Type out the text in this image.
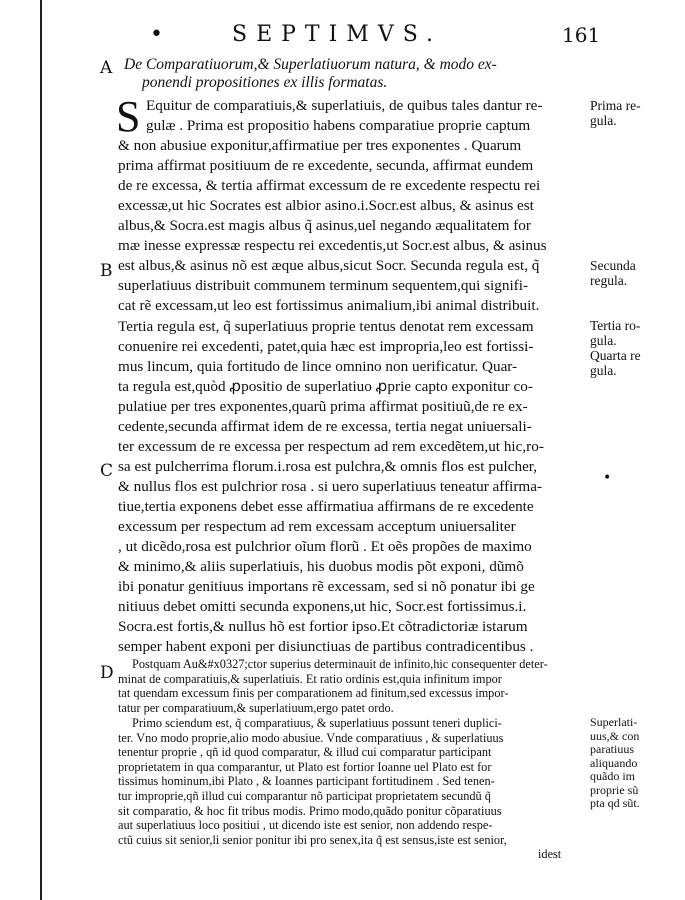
•	SEPTIMVS.	161
A
B
C
D
De Comparatiuorum,& Superlatiuorum natura, & modo ex-
ponendi propositiones ex illis formatas.
S Equitur de comparatiuis,& superlatiuis, de quibus tales dantur re-
gulæ . Prima est propositio habens comparatiue proprie captum
& non abusiue exponitur,affirmatiue per tres exponentes . Quarum
prima affirmat positiuum de re excedente, secunda, affirmat eundem
de re excessa, & tertia affirmat excessum de re excedente respectu rei
excessæ,ut hic Socrates est albior asino.i.Socr.est albus, & asinus est
albus,& Socra.est magis albus q̃ asinus,uel negando æqualitatem for
mæ inesse expressæ respectu rei excedentis,ut Socr.est albus, & asinus
est albus,& asinus nõ est æque albus,sicut Socr. Secunda regula est, q̃
superlatiuus distribuit communem terminum sequentem,qui signifi-
cat rẽ excessam,ut leo est fortissimus animalium,ibi animal distribuit.
Tertia regula est, q̃ superlatiuus proprie tentus denotat rem excessam
conuenire rei excedenti, patet,quia hæc est impropria,leo est fortissi-
mus lincum, quia fortitudo de lince omnino non uerificatur. Quar-
ta regula est,quòd ꝓpositio de superlatiuo ꝓprie capto exponitur co-
pulatiue per tres exponentes,quarũ prima affirmat positiuũ,de re ex-
cedente,secunda affirmat idem de re excessa, tertia negat uniuersali-
ter excessum de re excessa per respectum ad rem excedẽtem,ut hic,ro-
sa est pulcherrima florum.i.rosa est pulchra,& omnis flos est pulcher,
& nullus flos est pulchrior rosa . si uero superlatiuus teneatur affirma-
tiue,tertia exponens debet esse affirmatiua affirmans de re excedente
excessum per respectum ad rem excessam acceptum uniuersaliter
, ut dicẽdo,rosa est pulchrior oĩum florũ . Et oẽs propões de maximo
& minimo,& aliis superlatiuis, his duobus modis põt exponi, dũmõ
ibi ponatur genitiuus importans rẽ excessam, sed si nõ ponatur ibi ge
nitiuus debet omitti secunda exponens,ut hic, Socr.est fortissimus.i.
Socra.est fortis,& nullus hõ est fortior ipso.Et cõtradictoriæ istarum
semper habent exponi per disiunctiuas de partibus contradicentibus .
Postquam Au&#x0327;ctor superius determinauit de infinito,hic consequenter deter-
minat de comparatiuis,& superlatiuis. Et ratio ordinis est,quia infinitum impor
tat quendam excessum finis per comparationem ad finitum,sed excessus impor-
tatur per comparatiuum,& superlatiuum,ergo patet ordo.
Primo sciendum est, q̃ comparatiuus, & superlatiuus possunt teneri duplici-
ter. Vno modo proprie,alio modo abusiue. Vnde comparatiuus , & superlatiuus
tenentur proprie , qñ id quod comparatur, & illud cui comparatur participant
proprietatem in qua comparantur, ut Plato est fortior Ioanne uel Plato est for
tissimus hominum,ibi Plato , & Ioannes participant fortitudinem . Sed tenen-
tur improprie,qñ illud cui comparantur nõ participat proprietatem secundũ q̃
sit comparatio, & hoc fit tribus modis. Primo modo,quãdo ponitur cõparatiuus
aut superlatiuus loco positiui , ut dicendo iste est senior, non addendo respe-
ctũ cuius sit senior,li senior ponitur ibi pro senex,ita q̃ est sensus,iste est senior,
idest
Prima re-
gula.
Secunda
regula.
Tertia ro-
gula.
Quarta re
gula.
•
Superlati-
uus,& con
paratiuus
aliquando
quãdo im
proprie sũ
pta qd sũt.
